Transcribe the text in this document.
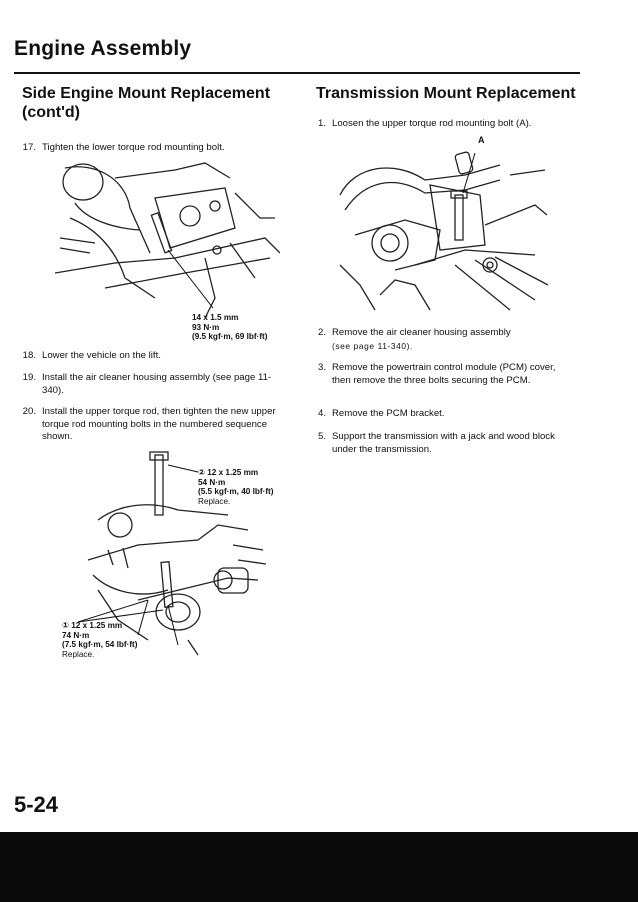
Engine Assembly
Side Engine Mount Replacement
(cont'd)
17. Tighten the lower torque rod mounting bolt.
14 x 1.5 mm
93 N·m
(9.5 kgf·m, 69 lbf·ft)
18. Lower the vehicle on the lift.
19. Install the air cleaner housing assembly (see page 11-340).
20. Install the upper torque rod, then tighten the new upper torque rod mounting bolts in the numbered sequence shown.
② 12 x 1.25 mm
54 N·m
(5.5 kgf·m, 40 lbf·ft)
Replace.
① 12 x 1.25 mm
74 N·m
(7.5 kgf·m, 54 lbf·ft)
Replace.
Transmission Mount Replacement
1. Loosen the upper torque rod mounting bolt (A).
A
2. Remove the air cleaner housing assembly
(see page 11-340).
3. Remove the powertrain control module (PCM) cover, then remove the three bolts securing the PCM.
4. Remove the PCM bracket.
5. Support the transmission with a jack and wood block under the transmission.
5-24
